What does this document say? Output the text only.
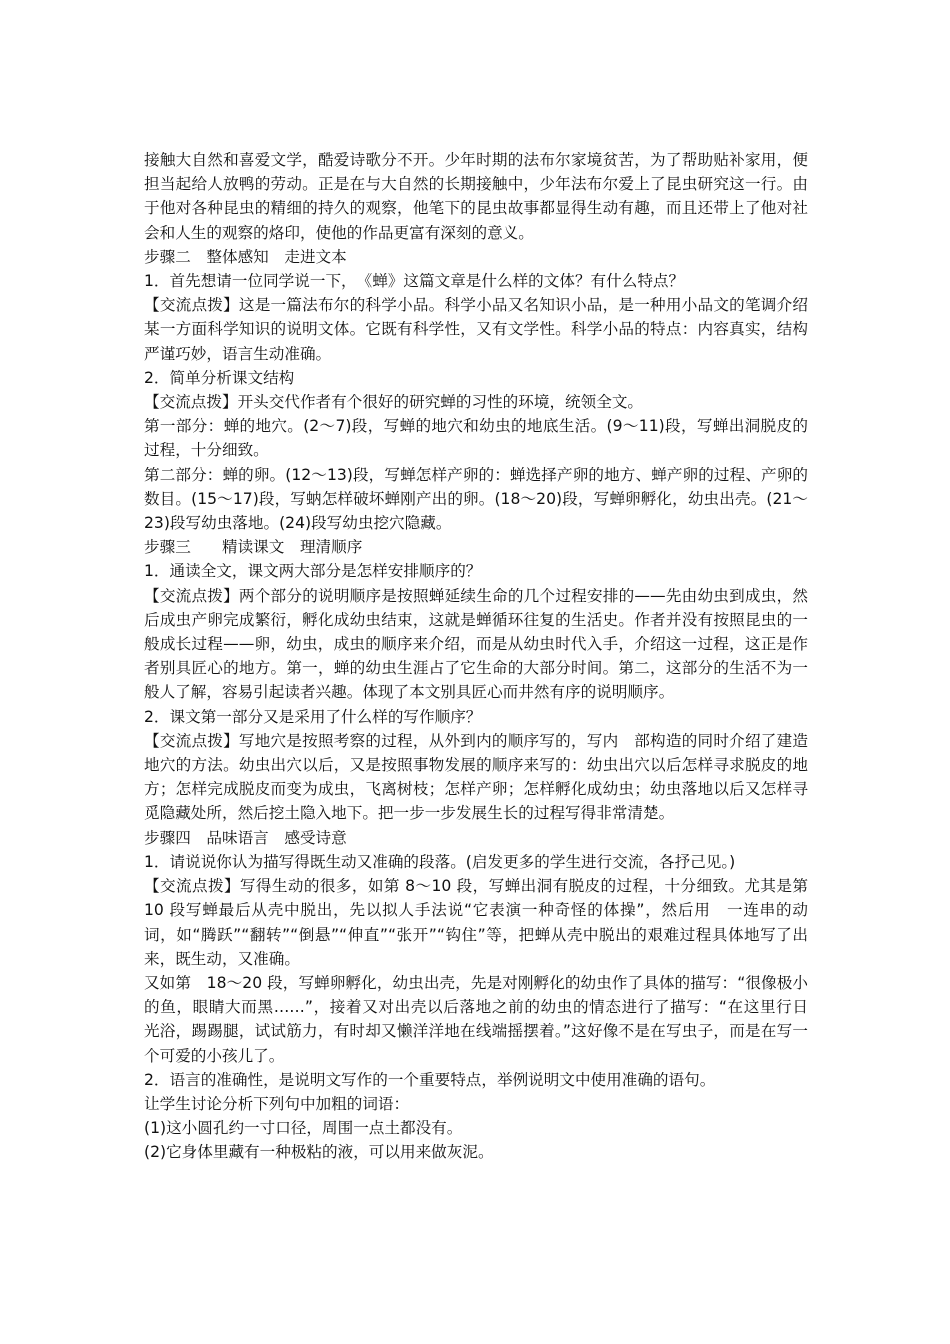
接触大自然和喜爱文学，酷爱诗歌分不开。少年时期的法布尔家境贫苦，为了帮助贴补家用，便担当起给人放鸭的劳动。正是在与大自然的长期接触中，少年法布尔爱上了昆虫研究这一行。由于他对各种昆虫的精细的持久的观察，他笔下的昆虫故事都显得生动有趣，而且还带上了他对社会和人生的观察的烙印，使他的作品更富有深刻的意义。

步骤二　整体感知　走进文本

1．首先想请一位同学说一下，　《蝉》这篇文章是什么样的文体？有什么特点？

【交流点拨】这是一篇法布尔的科学小品。科学小品又名知识小品，是一种用小品文的笔调介绍某一方面科学知识的说明文体。它既有科学性，又有文学性。科学小品的特点：内容真实，结构严谨巧妙，语言生动准确。

2．简单分析课文结构

【交流点拨】开头交代作者有个很好的研究蝉的习性的环境，统领全文。

第一部分：蝉的地穴。(2～7)段，写蝉的地穴和幼虫的地底生活。(9～11)段，写蝉出洞脱皮的过程，十分细致。

第二部分：蝉的卵。(12～13)段，写蝉怎样产卵的：蝉选择产卵的地方、蝉产卵的过程、产卵的数目。(15～17)段，写蚋怎样破坏蝉刚产出的卵。(18～20)段，写蝉卵孵化，幼虫出壳。(21～23)段写幼虫落地。(24)段写幼虫挖穴隐藏。

步骤三　　精读课文　理清顺序

1．通读全文，课文两大部分是怎样安排顺序的？

【交流点拨】两个部分的说明顺序是按照蝉延续生命的几个过程安排的——先由幼虫到成虫，然后成虫产卵完成繁衍，孵化成幼虫结束，这就是蝉循环往复的生活史。作者并没有按照昆虫的一般成长过程——卵，幼虫，成虫的顺序来介绍，而是从幼虫时代入手，介绍这一过程，这正是作者别具匠心的地方。第一，蝉的幼虫生涯占了它生命的大部分时间。第二，这部分的生活不为一般人了解，容易引起读者兴趣。体现了本文别具匠心而井然有序的说明顺序。

2．课文第一部分又是采用了什么样的写作顺序？

【交流点拨】写地穴是按照考察的过程，从外到内的顺序写的，写内　部构造的同时介绍了建造地穴的方法。幼虫出穴以后，又是按照事物发展的顺序来写的：幼虫出穴以后怎样寻求脱皮的地方；怎样完成脱皮而变为成虫，飞离树枝；怎样产卵；怎样孵化成幼虫；幼虫落地以后又怎样寻觅隐藏处所，然后挖土隐入地下。把一步一步发展生长的过程写得非常清楚。

步骤四　品味语言　感受诗意

1．请说说你认为描写得既生动又准确的段落。(启发更多的学生进行交流，各抒己见。)

【交流点拨】写得生动的很多，如第 8～10 段，写蝉出洞有脱皮的过程，十分细致。尤其是第 10 段写蝉最后从壳中脱出，先以拟人手法说“它表演一种奇怪的体操”，然后用　一连串的动词，如“腾跃”“翻转”“倒悬”“伸直”“张开”“钩住”等，把蝉从壳中脱出的艰难过程具体地写了出来，既生动，又准确。

又如第　18～20 段，写蝉卵孵化，幼虫出壳，先是对刚孵化的幼虫作了具体的描写：“很像极小的鱼，眼睛大而黑……”，接着又对出壳以后落地之前的幼虫的情态进行了描写：“在这里行日　光浴，踢踢腿，试试筋力，有时却又懒洋洋地在线端摇摆着。”这好像不是在写虫子，而是在写一个可爱的小孩儿了。

2．语言的准确性，是说明文写作的一个重要特点，举例说明文中使用准确的语句。

让学生讨论分析下列句中加粗的词语：

(1)这小圆孔约一寸口径，周围一点土都没有。

(2)它身体里藏有一种极粘的液，可以用来做灰泥。
